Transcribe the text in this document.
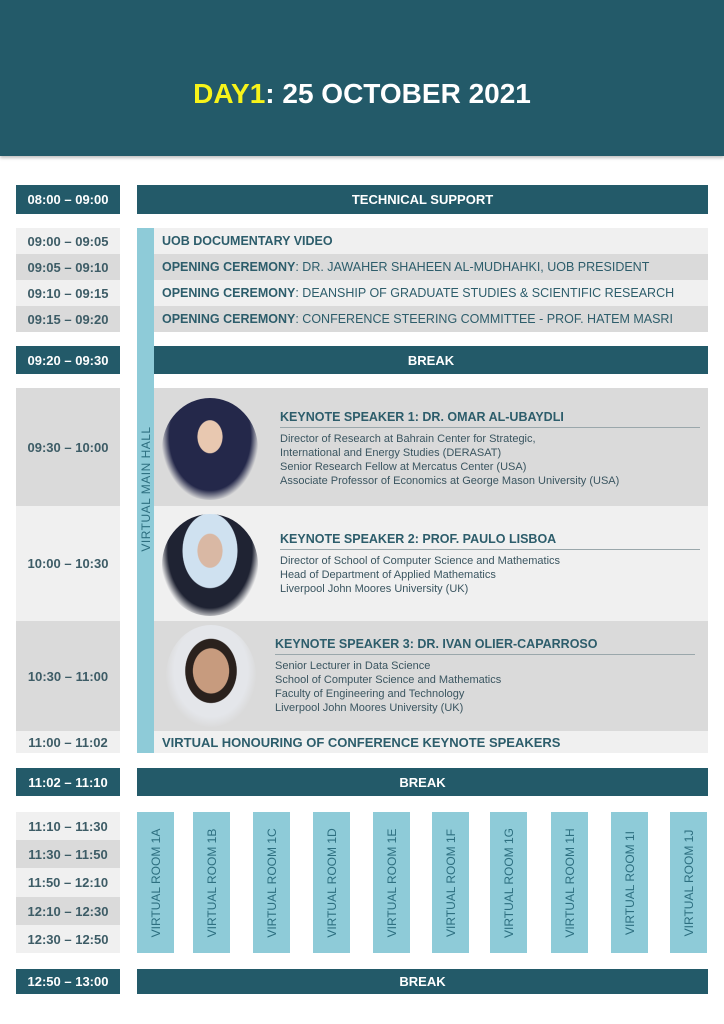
DAY1: 25 OCTOBER 2021
08:00 – 09:00	TECHNICAL SUPPORT
09:00 – 09:05	UOB DOCUMENTARY VIDEO
09:05 – 09:10	OPENING CEREMONY : DR. JAWAHER SHAHEEN AL-MUDHAHKI, UOB PRESIDENT
09:10 – 09:15	OPENING CEREMONY : DEANSHIP OF GRADUATE STUDIES & SCIENTIFIC RESEARCH
09:15 – 09:20	OPENING CEREMONY : CONFERENCE STEERING COMMITTEE - PROF. HATEM MASRI
09:20 – 09:30	BREAK
VIRTUAL MAIN HALL
09:30 – 10:00
KEYNOTE SPEAKER 1: DR. OMAR AL-UBAYDLI
Director of Research at Bahrain Center for Strategic,
International and Energy Studies (DERASAT)
Senior Research Fellow at Mercatus Center (USA)
Associate Professor of Economics at George Mason University (USA)
10:00 – 10:30
KEYNOTE SPEAKER 2: PROF. PAULO LISBOA
Director of School of Computer Science and Mathematics
Head of Department of Applied Mathematics
Liverpool John Moores University (UK)
10:30 – 11:00
KEYNOTE SPEAKER 3: DR. IVAN OLIER-CAPARROSO
Senior Lecturer in Data Science
School of Computer Science and Mathematics
Faculty of Engineering and Technology
Liverpool John Moores University (UK)
11:00 – 11:02	VIRTUAL HONOURING OF CONFERENCE KEYNOTE SPEAKERS
11:02 – 11:10	BREAK
11:10 – 11:30
11:30 – 11:50
11:50 – 12:10
12:10 – 12:30
12:30 – 12:50
VIRTUAL ROOM 1A	VIRTUAL ROOM 1B	VIRTUAL ROOM 1C	VIRTUAL ROOM 1D	VIRTUAL ROOM 1E	VIRTUAL ROOM 1F	VIRTUAL ROOM 1G	VIRTUAL ROOM 1H	VIRTUAL ROOM 1I	VIRTUAL ROOM 1J
12:50 – 13:00	BREAK
